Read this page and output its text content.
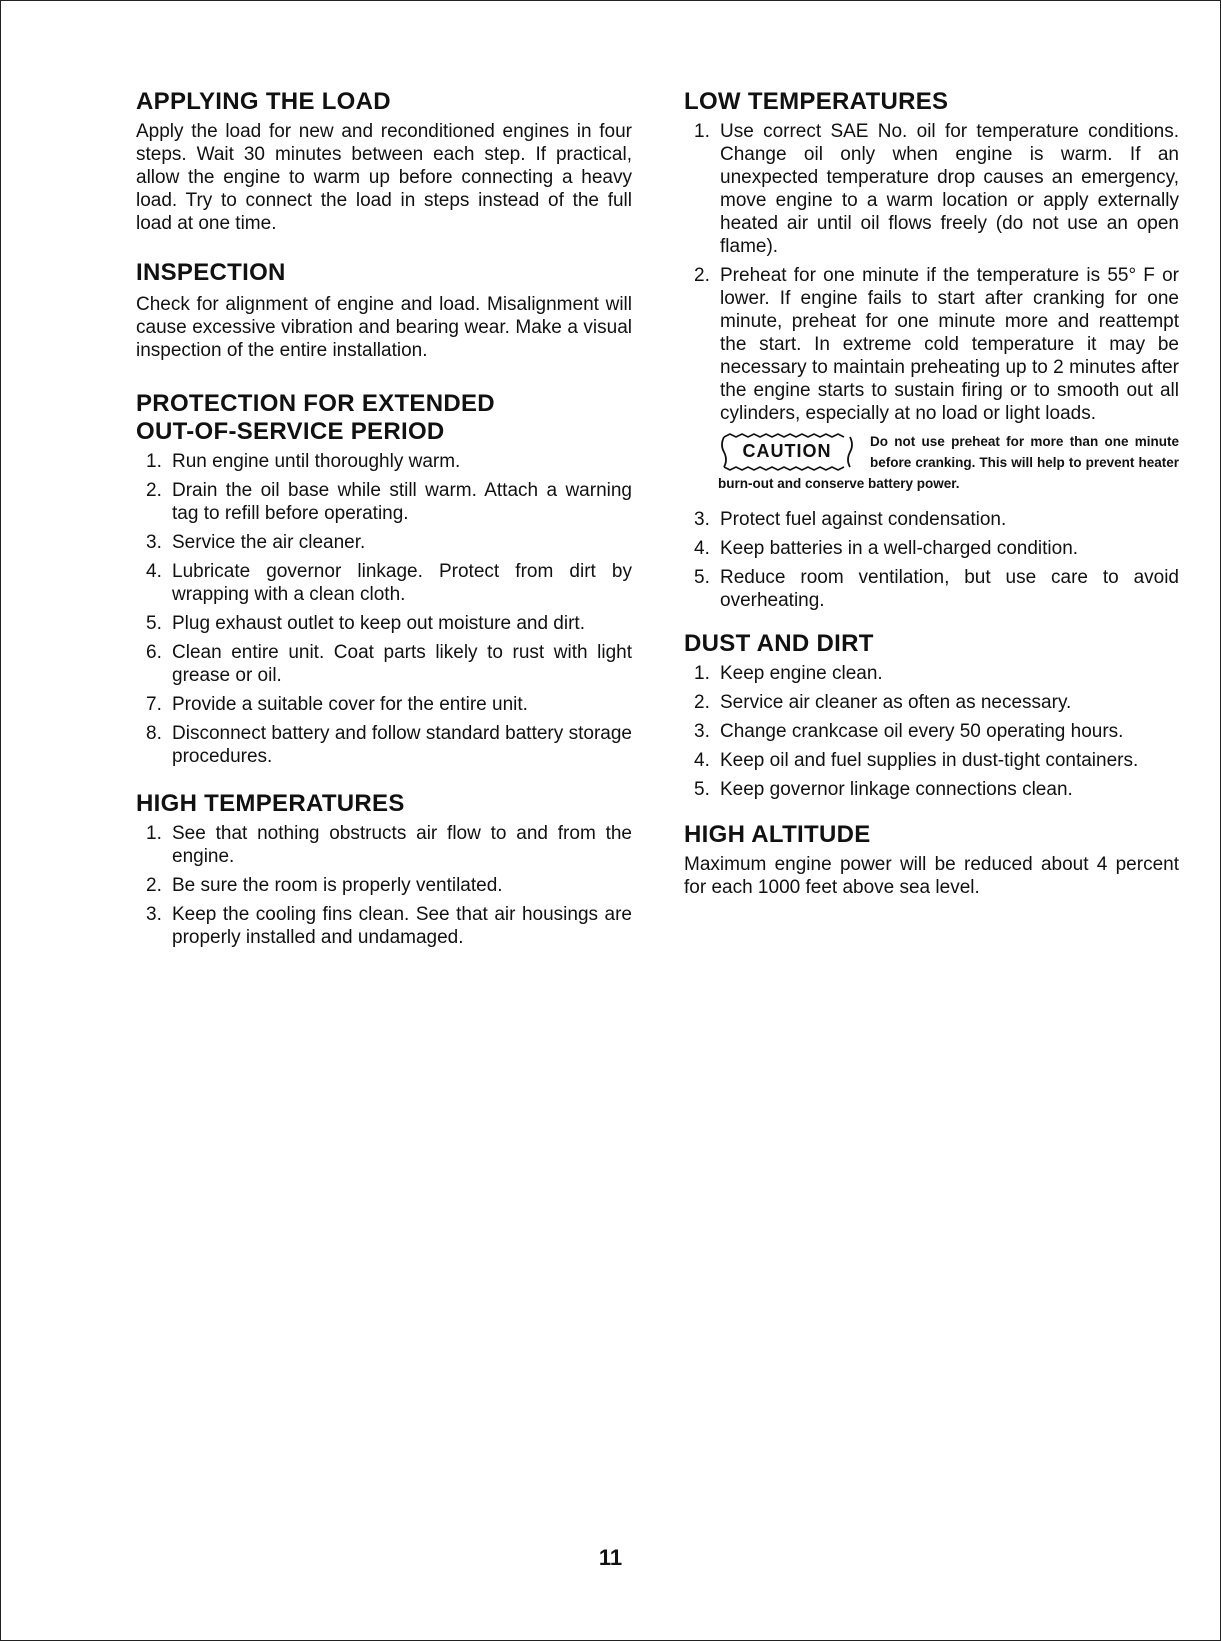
APPLYING THE LOAD

Apply the load for new and reconditioned engines in four steps. Wait 30 minutes between each step. If practical, allow the engine to warm up before connecting a heavy load. Try to connect the load in steps instead of the full load at one time.

INSPECTION

Check for alignment of engine and load. Misalignment will cause excessive vibration and bearing wear. Make a visual inspection of the entire installation.

PROTECTION FOR EXTENDED
OUT-OF-SERVICE PERIOD
1. Run engine until thoroughly warm.
2. Drain the oil base while still warm. Attach a warning tag to refill before operating.
3. Service the air cleaner.
4. Lubricate governor linkage. Protect from dirt by wrapping with a clean cloth.
5. Plug exhaust outlet to keep out moisture and dirt.
6. Clean entire unit. Coat parts likely to rust with light grease or oil.
7. Provide a suitable cover for the entire unit.
8. Disconnect battery and follow standard battery storage procedures.
HIGH TEMPERATURES
1. See that nothing obstructs air flow to and from the engine.
2. Be sure the room is properly ventilated.
3. Keep the cooling fins clean. See that air housings are properly installed and undamaged.
LOW TEMPERATURES
1. Use correct SAE No. oil for temperature conditions. Change oil only when engine is warm. If an unexpected temperature drop causes an emergency, move engine to a warm location or apply externally heated air until oil flows freely (do not use an open flame).
2. Preheat for one minute if the temperature is 55° F or lower. If engine fails to start after cranking for one minute, preheat for one minute more and reattempt the start. In extreme cold temperature it may be necessary to maintain preheating up to 2 minutes after the engine starts to sustain firing or to smooth out all cylinders, especially at no load or light loads.
CAUTION	Do not use preheat for more than one minute before cranking. This will help to prevent heater burn-out and conserve battery power.
3. Protect fuel against condensation.
4. Keep batteries in a well-charged condition.
5. Reduce room ventilation, but use care to avoid overheating.
DUST AND DIRT
1. Keep engine clean.
2. Service air cleaner as often as necessary.
3. Change crankcase oil every 50 operating hours.
4. Keep oil and fuel supplies in dust-tight containers.
5. Keep governor linkage connections clean.
HIGH ALTITUDE

Maximum engine power will be reduced about 4 percent for each 1000 feet above sea level.

11
